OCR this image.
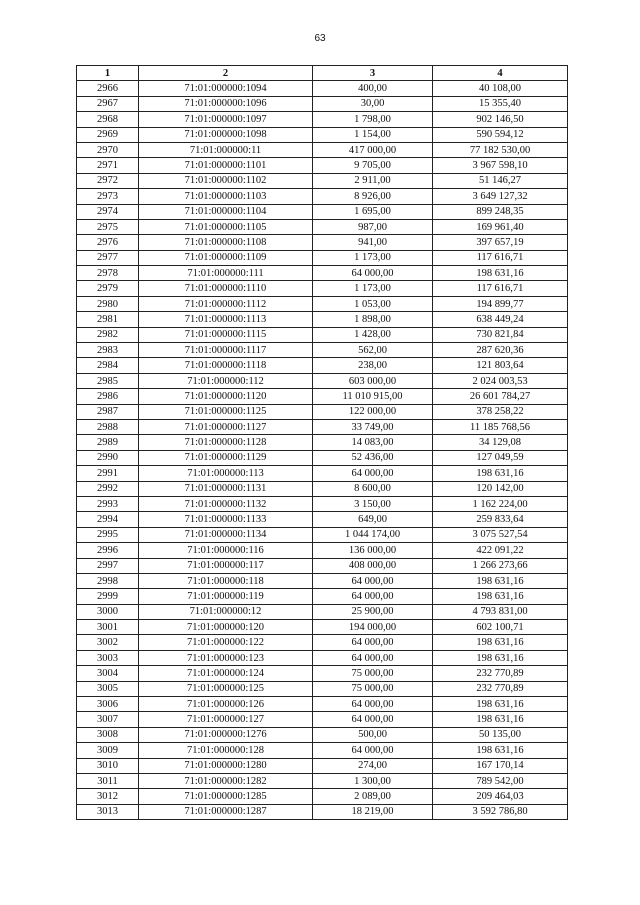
63
1	2	3	4
2966	71:01:000000:1094	400,00	40 108,00
2967	71:01:000000:1096	30,00	15 355,40
2968	71:01:000000:1097	1 798,00	902 146,50
2969	71:01:000000:1098	1 154,00	590 594,12
2970	71:01:000000:11	417 000,00	77 182 530,00
2971	71:01:000000:1101	9 705,00	3 967 598,10
2972	71:01:000000:1102	2 911,00	51 146,27
2973	71:01:000000:1103	8 926,00	3 649 127,32
2974	71:01:000000:1104	1 695,00	899 248,35
2975	71:01:000000:1105	987,00	169 961,40
2976	71:01:000000:1108	941,00	397 657,19
2977	71:01:000000:1109	1 173,00	117 616,71
2978	71:01:000000:111	64 000,00	198 631,16
2979	71:01:000000:1110	1 173,00	117 616,71
2980	71:01:000000:1112	1 053,00	194 899,77
2981	71:01:000000:1113	1 898,00	638 449,24
2982	71:01:000000:1115	1 428,00	730 821,84
2983	71:01:000000:1117	562,00	287 620,36
2984	71:01:000000:1118	238,00	121 803,64
2985	71:01:000000:112	603 000,00	2 024 003,53
2986	71:01:000000:1120	11 010 915,00	26 601 784,27
2987	71:01:000000:1125	122 000,00	378 258,22
2988	71:01:000000:1127	33 749,00	11 185 768,56
2989	71:01:000000:1128	14 083,00	34 129,08
2990	71:01:000000:1129	52 436,00	127 049,59
2991	71:01:000000:113	64 000,00	198 631,16
2992	71:01:000000:1131	8 600,00	120 142,00
2993	71:01:000000:1132	3 150,00	1 162 224,00
2994	71:01:000000:1133	649,00	259 833,64
2995	71:01:000000:1134	1 044 174,00	3 075 527,54
2996	71:01:000000:116	136 000,00	422 091,22
2997	71:01:000000:117	408 000,00	1 266 273,66
2998	71:01:000000:118	64 000,00	198 631,16
2999	71:01:000000:119	64 000,00	198 631,16
3000	71:01:000000:12	25 900,00	4 793 831,00
3001	71:01:000000:120	194 000,00	602 100,71
3002	71:01:000000:122	64 000,00	198 631,16
3003	71:01:000000:123	64 000,00	198 631,16
3004	71:01:000000:124	75 000,00	232 770,89
3005	71:01:000000:125	75 000,00	232 770,89
3006	71:01:000000:126	64 000,00	198 631,16
3007	71:01:000000:127	64 000,00	198 631,16
3008	71:01:000000:1276	500,00	50 135,00
3009	71:01:000000:128	64 000,00	198 631,16
3010	71:01:000000:1280	274,00	167 170,14
3011	71:01:000000:1282	1 300,00	789 542,00
3012	71:01:000000:1285	2 089,00	209 464,03
3013	71:01:000000:1287	18 219,00	3 592 786,80
